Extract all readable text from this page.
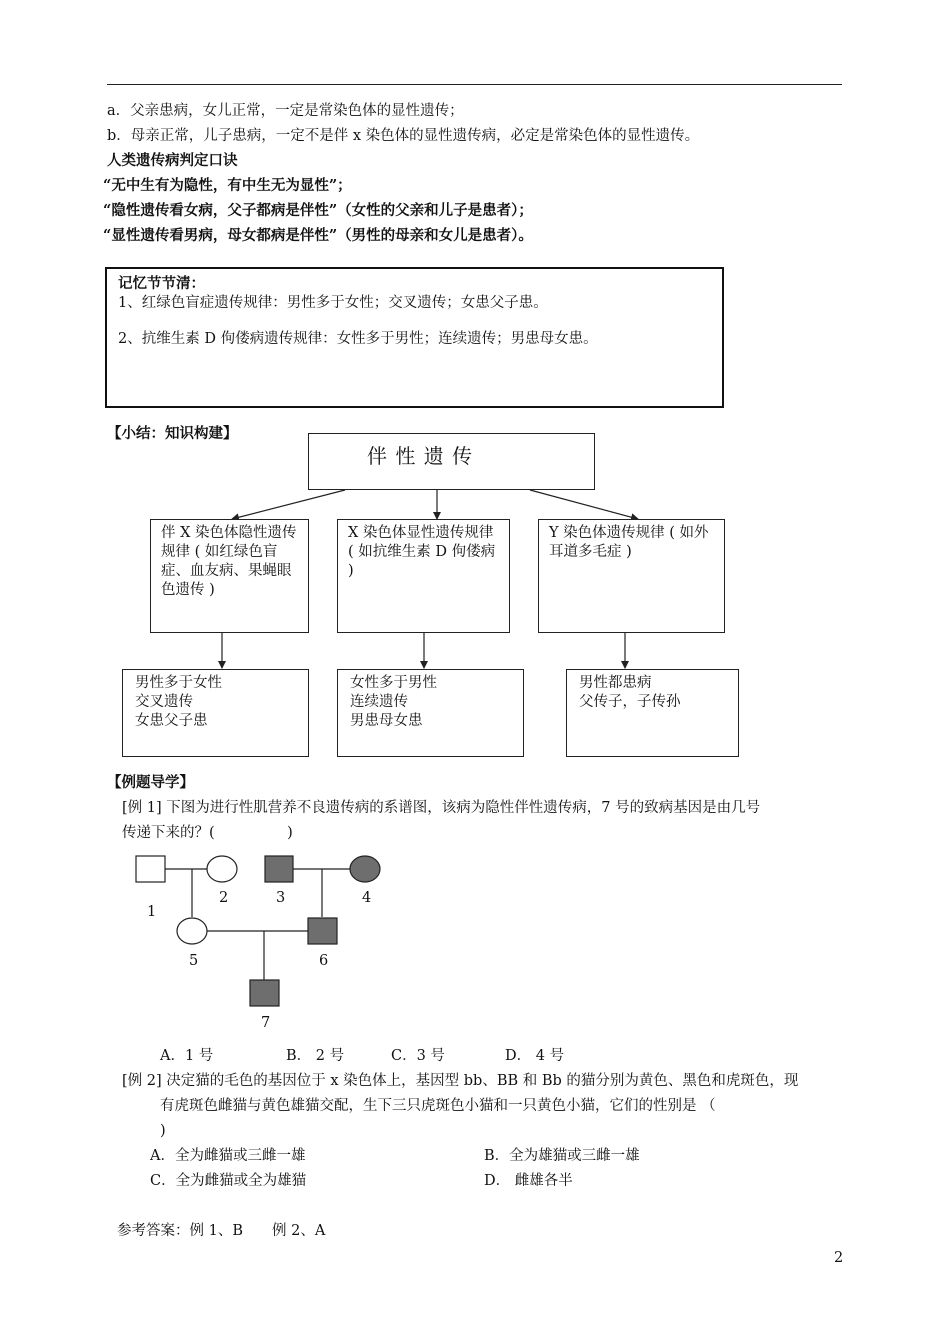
a．父亲患病，女儿正常，一定是常染色体的显性遗传；
b．母亲正常，儿子患病，一定不是伴 x 染色体的显性遗传病，必定是常染色体的显性遗传。
人类遗传病判定口诀
“无中生有为隐性，有中生无为显性”；
“隐性遗传看女病，父子都病是伴性”（女性的父亲和儿子是患者）；
“显性遗传看男病，母女都病是伴性”（男性的母亲和女儿是患者）。
记忆节节清：
1、红绿色盲症遗传规律：男性多于女性；交叉遗传；女患父子患。
2、抗维生素 D 佝偻病遗传规律：女性多于男性；连续遗传；男患母女患。
【小结：知识构建】
伴 性 遗 传
伴 X 染色体隐性遗传规律 ( 如红绿色盲症、血友病、果蝇眼色遗传 )
X 染色体显性遗传规律 ( 如抗维生素 D 佝偻病 )
Y 染色体遗传规律 ( 如外耳道多毛症 )
男性多于女性
交叉遗传
女患父子患
女性多于男性
连续遗传
男患母女患
男性都患病
父传子，子传孙
【例题导学】
[例 1] 下图为进行性肌营养不良遗传病的系谱图，该病为隐性伴性遗传病，7 号的致病基因是由几号
传递下来的？(　　　　　)
1
2	3	4
5	6
7
A．1 号	B． 2 号	C．3 号	D． 4 号
[例 2] 决定猫的毛色的基因位于 x 染色体上，基因型 bb、BB 和 Bb 的猫分别为黄色、黑色和虎斑色，现
有虎斑色雌猫与黄色雄猫交配，生下三只虎斑色小猫和一只黄色小猫，它们的性别是 （
)
A．全为雌猫或三雌一雄	B．全为雄猫或三雌一雄
C．全为雌猫或全为雄猫	D． 雌雄各半
参考答案：例 1、B　　例 2、A
2
